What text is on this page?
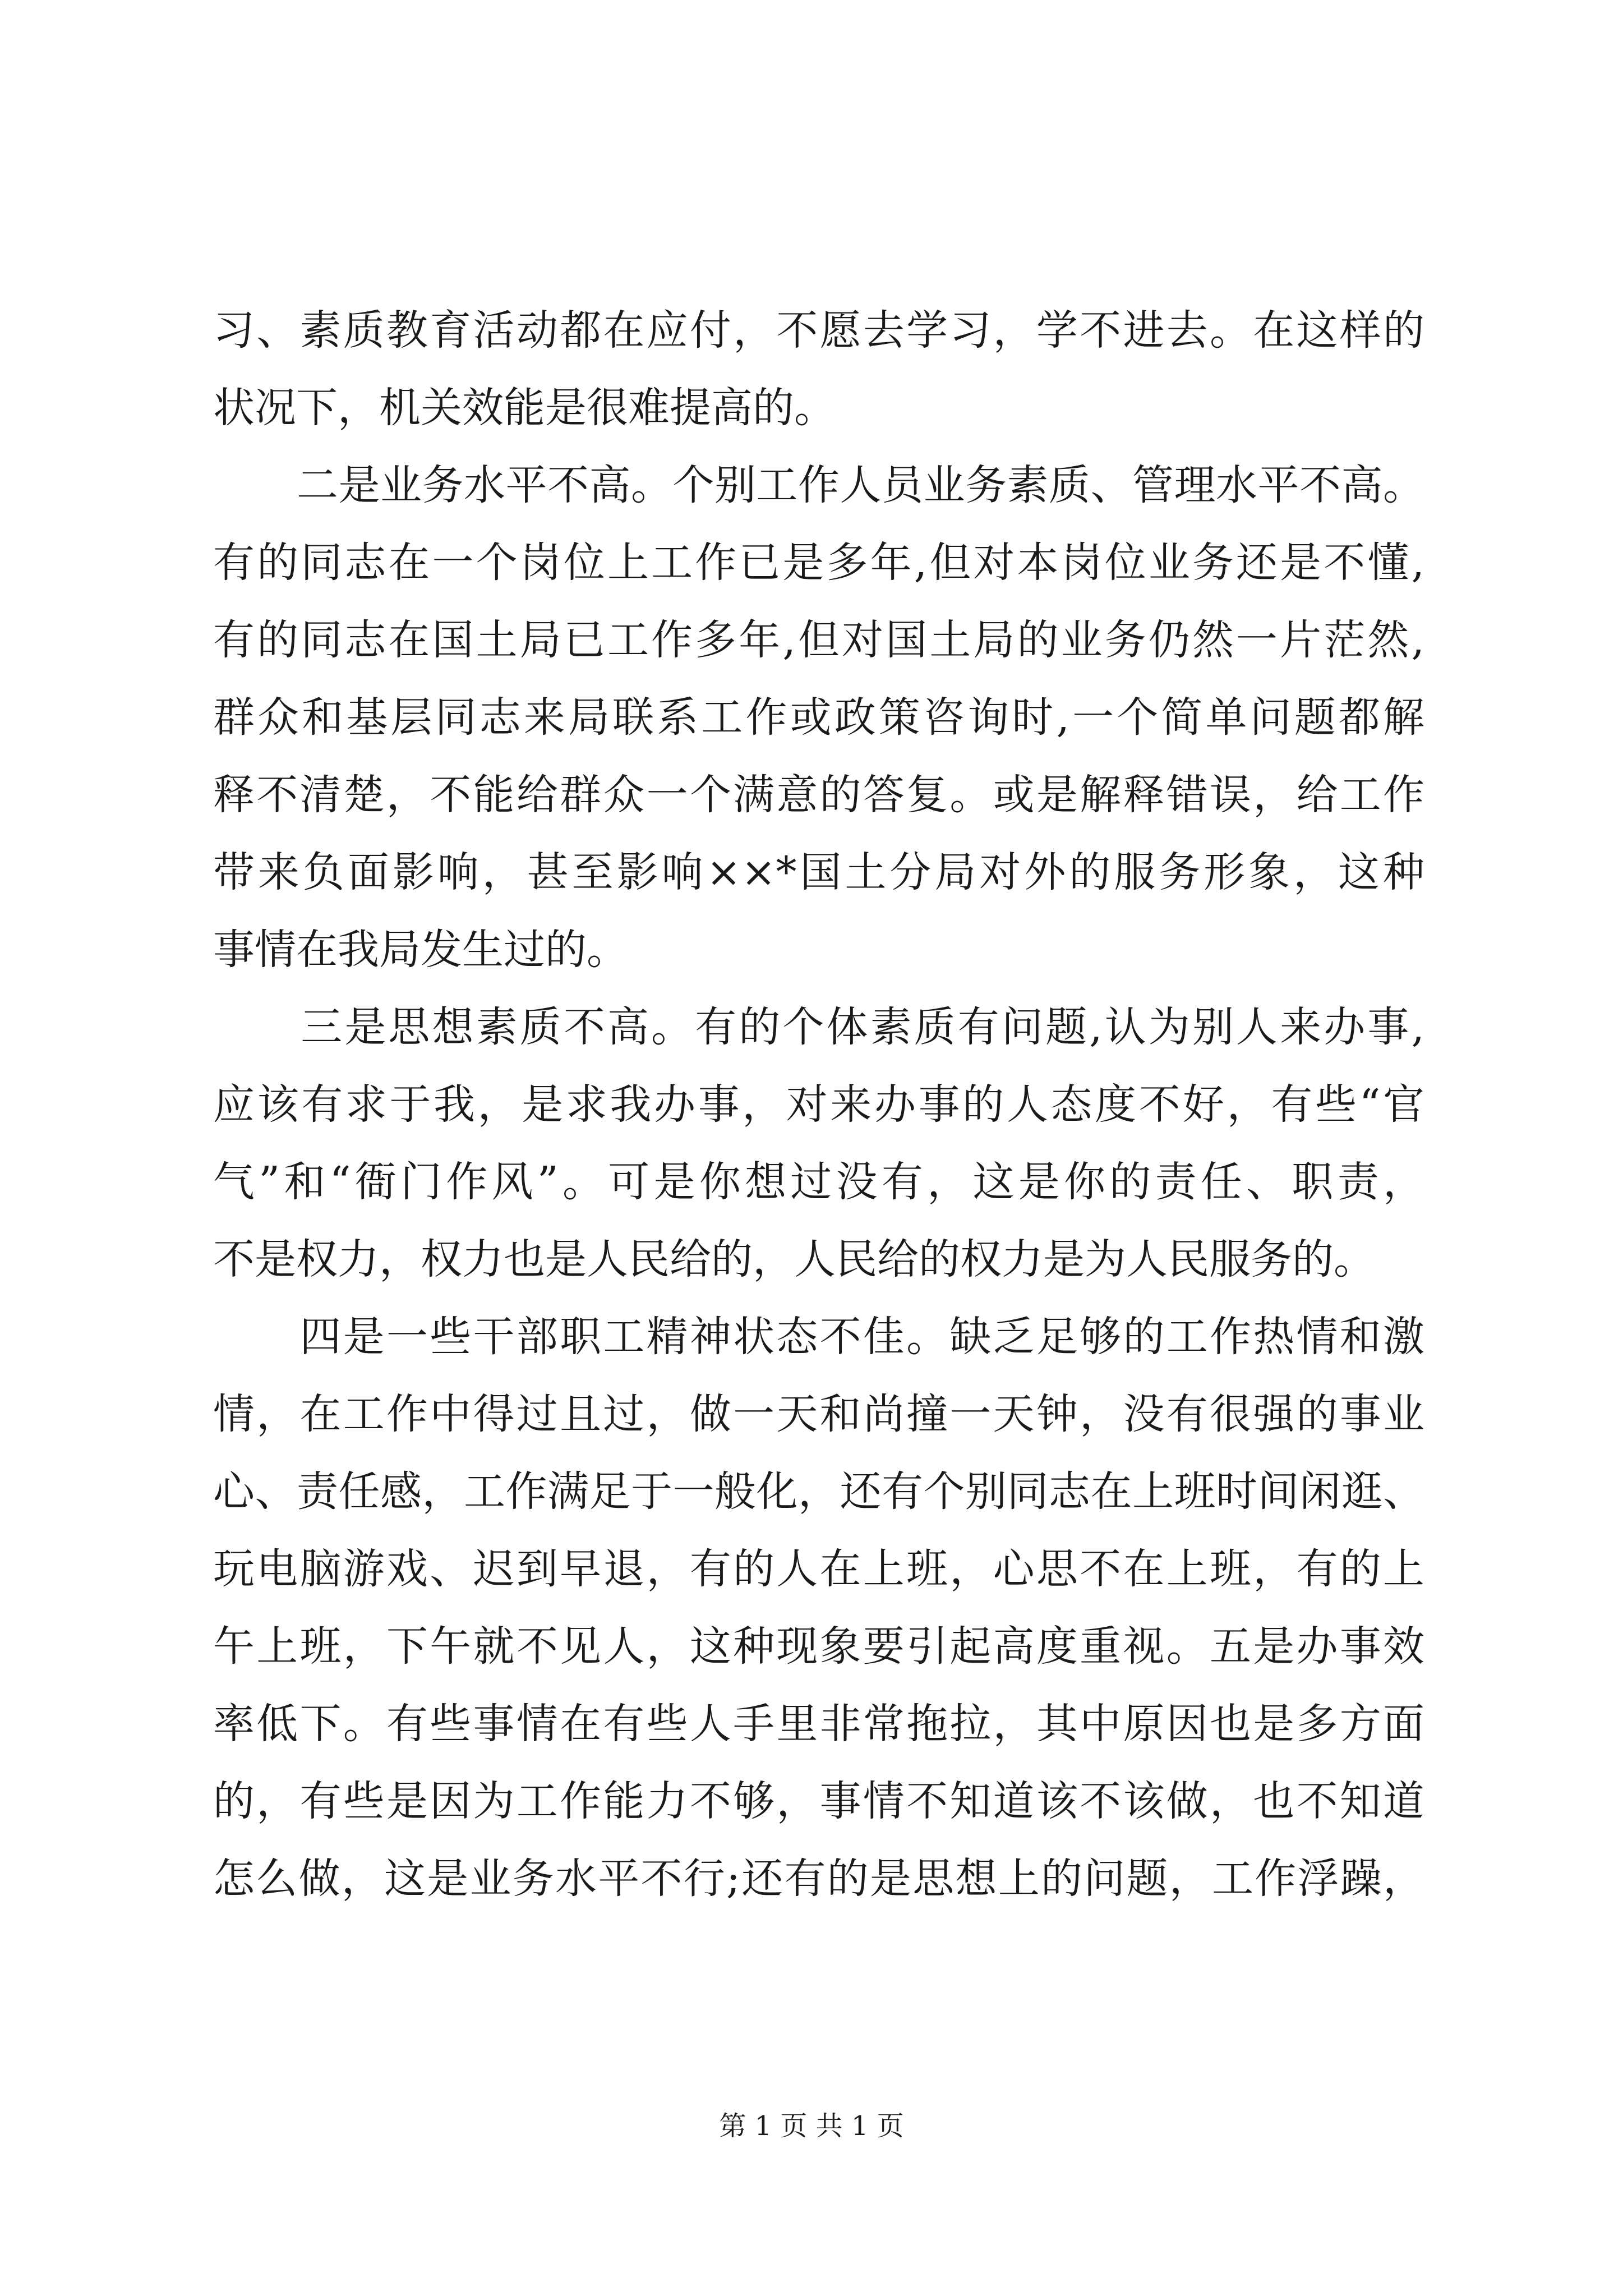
习、素质教育活动都在应付，不愿去学习，学不进去。在这样的
状况下，机关效能是很难提高的。
　　二是业务水平不高。个别工作人员业务素质、管理水平不高。
有的同志在一个岗位上工作已是多年,但对本岗位业务还是不懂,
有的同志在国土局已工作多年,但对国土局的业务仍然一片茫然,
群众和基层同志来局联系工作或政策咨询时,一个简单问题都解
释不清楚，不能给群众一个满意的答复。或是解释错误，给工作
带来负面影响，甚至影响××*国土分局对外的服务形象，这种
事情在我局发生过的。
　　三是思想素质不高。有的个体素质有问题,认为别人来办事,
应该有求于我，是求我办事，对来办事的人态度不好，有些“官
气”和“衙门作风”。可是你想过没有，这是你的责任、职责，
不是权力，权力也是人民给的，人民给的权力是为人民服务的。
　　四是一些干部职工精神状态不佳。缺乏足够的工作热情和激
情，在工作中得过且过，做一天和尚撞一天钟，没有很强的事业
心、责任感，工作满足于一般化，还有个别同志在上班时间闲逛、
玩电脑游戏、迟到早退，有的人在上班，心思不在上班，有的上
午上班，下午就不见人，这种现象要引起高度重视。五是办事效
率低下。有些事情在有些人手里非常拖拉，其中原因也是多方面
的，有些是因为工作能力不够，事情不知道该不该做，也不知道
怎么做，这是业务水平不行;还有的是思想上的问题，工作浮躁，
第 1 页 共 1 页
